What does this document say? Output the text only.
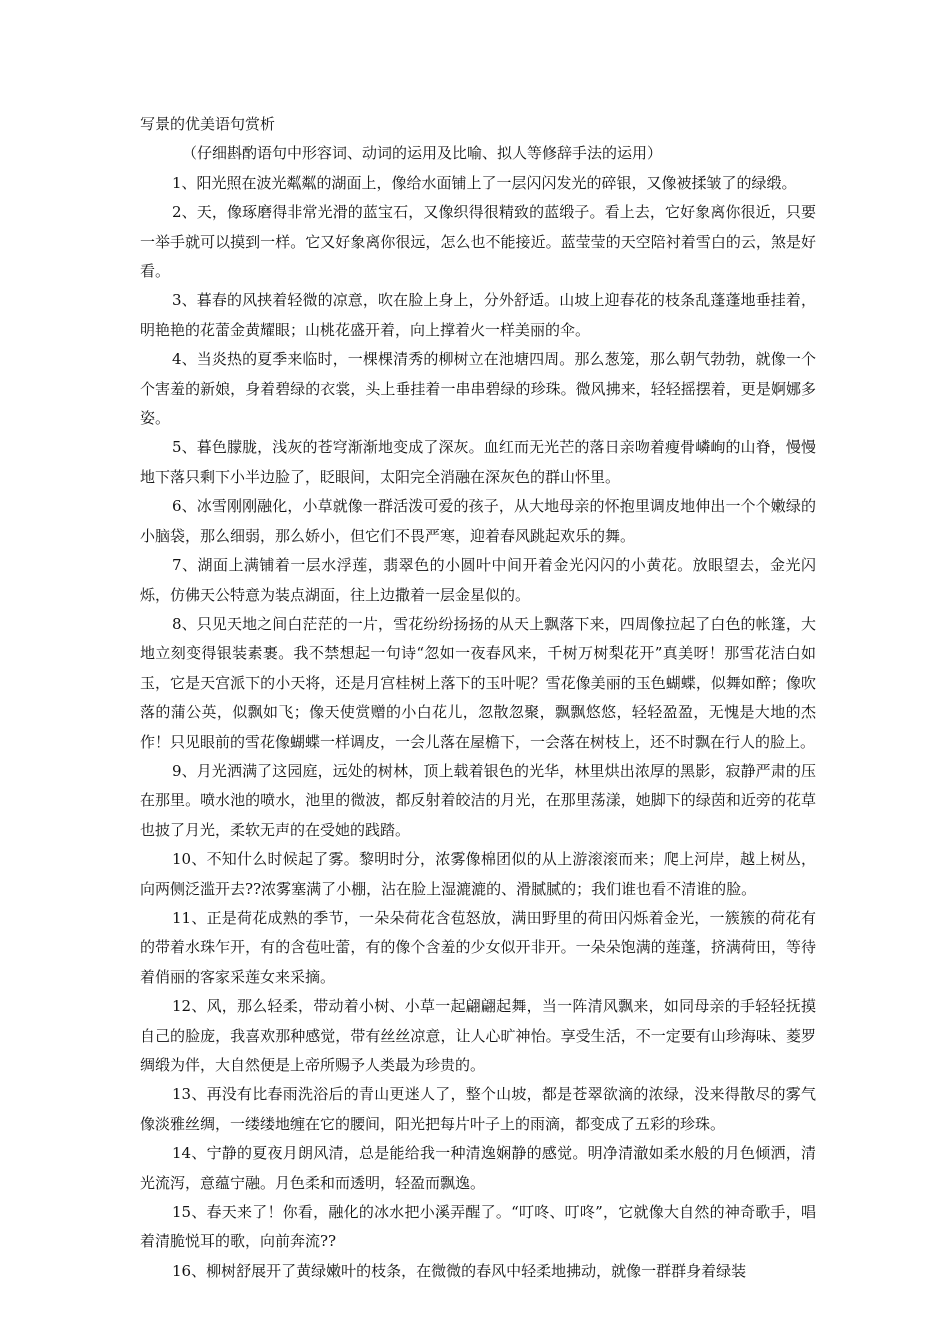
写景的优美语句赏析

（仔细斟酌语句中形容词、动词的运用及比喻、拟人等修辞手法的运用）

1、阳光照在波光粼粼的湖面上，像给水面铺上了一层闪闪发光的碎银，又像被揉皱了的绿缎。

2、天，像琢磨得非常光滑的蓝宝石，又像织得很精致的蓝缎子。看上去，它好象离你很近，只要一举手就可以摸到一样。它又好象离你很远，怎么也不能接近。蓝莹莹的天空陪衬着雪白的云，煞是好看。

3、暮春的风挟着轻微的凉意，吹在脸上身上，分外舒适。山坡上迎春花的枝条乱蓬蓬地垂挂着，明艳艳的花蕾金黄耀眼；山桃花盛开着，向上撑着火一样美丽的伞。

4、当炎热的夏季来临时，一棵棵清秀的柳树立在池塘四周。那么葱笼，那么朝气勃勃，就像一个个害羞的新娘，身着碧绿的衣裳，头上垂挂着一串串碧绿的珍珠。微风拂来，轻轻摇摆着，更是婀娜多姿。

5、暮色朦胧，浅灰的苍穹渐渐地变成了深灰。血红而无光芒的落日亲吻着瘦骨嶙峋的山脊，慢慢地下落只剩下小半边脸了，眨眼间，太阳完全消融在深灰色的群山怀里。

6、冰雪刚刚融化，小草就像一群活泼可爱的孩子，从大地母亲的怀抱里调皮地伸出一个个嫩绿的小脑袋，那么细弱，那么娇小，但它们不畏严寒，迎着春风跳起欢乐的舞。

7、湖面上满铺着一层水浮莲，翡翠色的小圆叶中间开着金光闪闪的小黄花。放眼望去，金光闪烁，仿佛天公特意为装点湖面，往上边撒着一层金星似的。

8、只见天地之间白茫茫的一片，雪花纷纷扬扬的从天上飘落下来，四周像拉起了白色的帐篷，大地立刻变得银装素裹。我不禁想起一句诗“忽如一夜春风来，千树万树梨花开”真美呀！那雪花洁白如玉，它是天宫派下的小天将，还是月宫桂树上落下的玉叶呢？雪花像美丽的玉色蝴蝶，似舞如醉；像吹落的蒲公英，似飘如飞；像天使赏赠的小白花儿，忽散忽聚，飘飘悠悠，轻轻盈盈，无愧是大地的杰作！只见眼前的雪花像蝴蝶一样调皮，一会儿落在屋檐下，一会落在树枝上，还不时飘在行人的脸上。

9、月光洒满了这园庭，远处的树林，顶上载着银色的光华，林里烘出浓厚的黑影，寂静严肃的压在那里。喷水池的喷水，池里的微波，都反射着皎洁的月光，在那里荡漾，她脚下的绿茵和近旁的花草也披了月光，柔软无声的在受她的践踏。

10、不知什么时候起了雾。黎明时分，浓雾像棉团似的从上游滚滚而来；爬上河岸，越上树丛，向两侧泛滥开去??浓雾塞满了小棚，沾在脸上湿漉漉的、滑腻腻的；我们谁也看不清谁的脸。

11、正是荷花成熟的季节，一朵朵荷花含苞怒放，满田野里的荷田闪烁着金光，一簇簇的荷花有的带着水珠乍开，有的含苞吐蕾，有的像个含羞的少女似开非开。一朵朵饱满的莲蓬，挤满荷田，等待着俏丽的客家采莲女来采摘。

12、风，那么轻柔，带动着小树、小草一起翩翩起舞，当一阵清风飘来，如同母亲的手轻轻抚摸自己的脸庞，我喜欢那种感觉，带有丝丝凉意，让人心旷神怡。享受生活，不一定要有山珍海味、菱罗绸缎为伴，大自然便是上帝所赐予人类最为珍贵的。

13、再没有比春雨洗浴后的青山更迷人了，整个山坡，都是苍翠欲滴的浓绿，没来得散尽的雾气像淡雅丝绸，一缕缕地缠在它的腰间，阳光把每片叶子上的雨滴，都变成了五彩的珍珠。

14、宁静的夏夜月朗风清，总是能给我一种清逸娴静的感觉。明净清澈如柔水般的月色倾洒，清光流泻，意蕴宁融。月色柔和而透明，轻盈而飘逸。

15、春天来了！你看，融化的冰水把小溪弄醒了。“叮咚、叮咚”，它就像大自然的神奇歌手，唱着清脆悦耳的歌，向前奔流??

16、柳树舒展开了黄绿嫩叶的枝条，在微微的春风中轻柔地拂动，就像一群群身着绿装
